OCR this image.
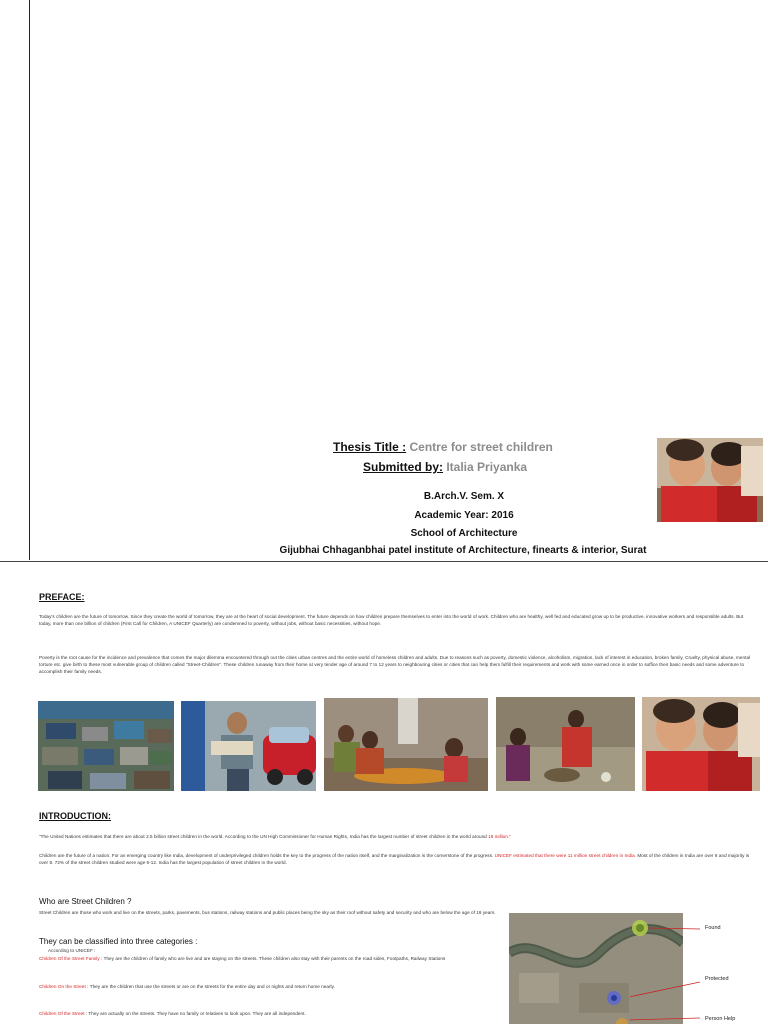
Thesis Title : Centre for street children
Submitted by: Italia Priyanka
B.Arch.V. Sem. X
Academic Year: 2016
School of Architecture
Gijubhai Chhaganbhai patel institute of Architecture, finearts & interior, Surat
PREFACE:
Today's children are the future of tomorrow. Since they create the world of tomorrow, they are at the heart of social development. The future depends on how children prepare themselves to enter into the world of work. Children who are healthy, well fed and educated grow up to be productive, innovative workers and responsible adults. But today, more than one billion of children (First Call for Children, A UNICEF Quarterly) are condemned to poverty, without jobs, without basic necessities, without hope.
Poverty is the root cause for the incidence and prevalence that comes the major dilemma encountered through out the cities urban centres and the entire world of homeless children and adults. Due to reasons such as poverty, domestic violence, alcoholism, migration, lack of interest in education, broken family, Cruelty, physical abuse, mental torture etc. give birth to these most vulnerable group of children called "Street-Children". These children runaway from their home at very tender age of around 7 to 12 years to neighbouring cities or cities that can help them fulfill their requirements and work with some earned once in order to suffice their basic needs and some adventure to accomplish their family needs.
INTRODUCTION:
"The United Nations estimates that there are about 2.5 billion street children in the world. According to the UN High Commissioner for Human Rights, India has the largest number of street children in the world around 18 million."
Children are the future of a nation. For an emerging country like India, development of underprivileged children holds the key to the progress of the nation itself, and the marginalization is the cornerstone of the progress. UNICEF estimated that there were 11 million street children in India. Most of the children in India are over 6 and majority is over 8. 72% of the street children studied were age 6-12. India has the largest population of street children in the world.
Who are Street Children ?
Street Children are those who work and live on the streets, parks, pavements, bus stations, railway stations and public places being the sky as their roof without safety and security and who are below the age of 18 years.
They can be classified into three categories :
According to UNICEF :
Children Of the Street Family : They are the children of family who are live and are staying on the streets. These children also stay with their parents on the road sides, Footpaths, Railway Stations
Children On the Street : They are the children that use the streets or are on the streets for the entire day and or nights and return home nearly.
Children Of the Street : They are actually on the streets. They have no family or relatives to look upon. They are all independent.
Found
Protected
Person Help
